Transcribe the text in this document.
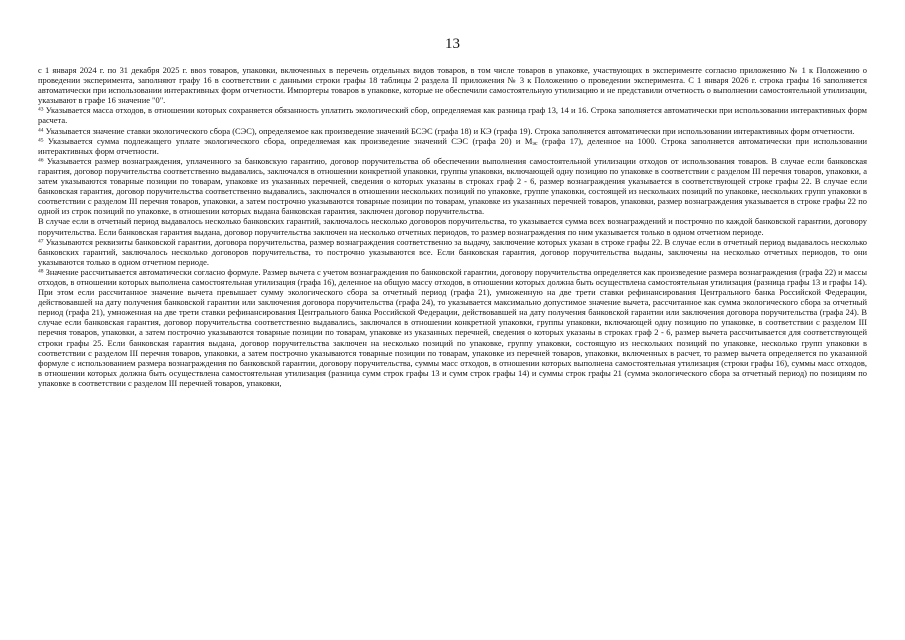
13

с 1 января 2024 г. по 31 декабря 2025 г. ввоз товаров, упаковки, включенных в перечень отдельных видов товаров, в том числе товаров в упаковке, участвующих в эксперименте согласно приложению № 1 к Положению о проведении эксперимента, заполняют графу 16 в соответствии с данными строки графы 18 таблицы 2 раздела II приложения № 3 к Положению о проведении эксперимента. С 1 января 2026 г. строка графы 16 заполняется автоматически при использовании интерактивных форм отчетности. Импортеры товаров в упаковке, которые не обеспечили самостоятельную утилизацию и не представили отчетность о выполнении самостоятельной утилизации, указывают в графе 16 значение "0".

$^{43}$ Указывается масса отходов, в отношении которых сохраняется обязанность уплатить экологический сбор, определяемая как разница граф 13, 14 и 16. Строка заполняется автоматически при использовании интерактивных форм расчета.

$^{44}$ Указывается значение ставки экологического сбора (СЭС), определяемое как произведение значений БСЭС (графа 18) и КЭ (графа 19). Строка заполняется автоматически при использовании интерактивных форм отчетности.

$^{45}$ Указывается сумма подлежащего уплате экологического сбора, определяемая как произведение значений СЭС (графа 20) и $M_{эс}$ (графа 17), деленное на 1000. Строка заполняется автоматически при использовании интерактивных форм отчетности.

$^{46}$ Указывается размер вознаграждения, уплаченного за банковскую гарантию, договор поручительства об обеспечении выполнения самостоятельной утилизации отходов от использования товаров. В случае если банковская гарантия, договор поручительства соответственно выдавались, заключался в отношении конкретной упаковки, группы упаковки, включающей одну позицию по упаковке в соответствии с разделом III перечня товаров, упаковки, а затем указываются товарные позиции по товарам, упаковке из указанных перечней, сведения о которых указаны в строках граф 2 - 6, размер вознаграждения указывается в соответствующей строке графы 22. В случае если банковская гарантия, договор поручительства соответственно выдавались, заключался в отношении нескольких позиций по упаковке, группе упаковки, состоящей из нескольких позиций по упаковке, нескольких групп упаковки в соответствии с разделом III перечня товаров, упаковки, а затем построчно указываются товарные позиции по товарам, упаковке из указанных перечней товаров, упаковки, размер вознаграждения указывается в строке графы 22 по одной из строк позиций по упаковке, в отношении которых выдана банковская гарантия, заключен договор поручительства.

В случае если в отчетный период выдавалось несколько банковских гарантий, заключалось несколько договоров поручительства, то указывается сумма всех вознаграждений и построчно по каждой банковской гарантии, договору поручительства. Если банковская гарантия выдана, договор поручительства заключен на несколько отчетных периодов, то размер вознаграждения по ним указывается только в одном отчетном периоде.

$^{47}$ Указываются реквизиты банковской гарантии, договора поручительства, размер вознаграждения соответственно за выдачу, заключение которых указан в строке графы 22. В случае если в отчетный период выдавалось несколько банковских гарантий, заключалось несколько договоров поручительства, то построчно указываются все. Если банковская гарантия, договор поручительства выданы, заключены на несколько отчетных периодов, то они указываются только в одном отчетном периоде.

$^{48}$ Значение рассчитывается автоматически согласно формуле. Размер вычета с учетом вознаграждения по банковской гарантии, договору поручительства определяется как произведение размера вознаграждения (графа 22) и массы отходов, в отношении которых выполнена самостоятельная утилизация (графа 16), деленное на общую массу отходов, в отношении которых должна быть осуществлена самостоятельная утилизация (разница графы 13 и графы 14). При этом если рассчитанное значение вычета превышает сумму экологического сбора за отчетный период (графа 21), умноженную на две трети ставки рефинансирования Центрального банка Российской Федерации, действовавшей на дату получения банковской гарантии или заключения договора поручительства (графа 24), то указывается максимально допустимое значение вычета, рассчитанное как сумма экологического сбора за отчетный период (графа 21), умноженная на две трети ставки рефинансирования Центрального банка Российской Федерации, действовавшей на дату получения банковской гарантии или заключения договора поручительства (графа 24). В случае если банковская гарантия, договор поручительства соответственно выдавались, заключался в отношении конкретной упаковки, группы упаковки, включающей одну позицию по упаковке, в соответствии с разделом III перечня товаров, упаковки, а затем построчно указываются товарные позиции по товарам, упаковке из указанных перечней, сведения о которых указаны в строках граф 2 - 6, размер вычета рассчитывается для соответствующей строки графы 25. Если банковская гарантия выдана, договор поручительства заключен на несколько позиций по упаковке, группу упаковки, состоящую из нескольких позиций по упаковке, несколько групп упаковки в соответствии с разделом III перечня товаров, упаковки, а затем построчно указываются товарные позиции по товарам, упаковке из перечней товаров, упаковки, включенных в расчет, то размер вычета определяется по указанной формуле с использованием размера вознаграждения по банковской гарантии, договору поручительства, суммы масс отходов, в отношении которых выполнена самостоятельная утилизация (строки графы 16), суммы масс отходов, в отношении которых должна быть осуществлена самостоятельная утилизация (разница сумм строк графы 13 и сумм строк графы 14) и суммы строк графы 21 (сумма экологического сбора за отчетный период) по позициям по упаковке в соответствии с разделом III перечней товаров, упаковки,
